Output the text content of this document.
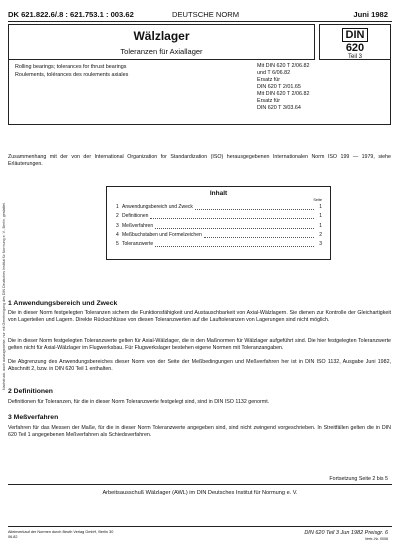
DK 621.822.6/.8 : 621.753.1 : 003.62	DEUTSCHE NORM	Juni 1982
Wälzlager
Toleranzen für Axiallager
DIN
620
Teil 3
Rolling bearings; tolerances for thrust bearings
Roulements, tolérances des roulements axiales
Mit DIN 620 T 2/06.82
und T 6/06.82
Ersatz für
DIN 620 T 2/01.65
Mit DIN 620 T 2/06.82
Ersatz für
DIN 620 T 3/03.64
Zusammenhang mit der von der International Organization for Standardization (ISO) herausgegebenen Internationalen Norm ISO 199 — 1979, siehe Erläuterungen.
Nachdruck, auch auszugsweise, nur mit Genehmigung des DIN Deutsches Institut für Normung e. V., Berlin, gestattet.
Inhalt
Seite
1 Anwendungsbereich und Zweck	1
2 Definitionen	1
3 Meßverfahren	1
4 Meßbuchstaben und Formelzeichen	2
5 Toleranzwerte	3
1 Anwendungsbereich und Zweck
Die in dieser Norm festgelegten Toleranzen sichern die Funktionsfähigkeit und Austauschbarkeit von Axial-Wälzlagern. Sie dienen zur Kontrolle der Gleichartigkeit von Lagerteilen und Lagern. Direkte Rückschlüsse von diesen Toleranzwerten auf die Lauftoleranzen von Lagerungen sind nicht möglich.
Die in dieser Norm festgelegten Toleranzwerte gelten für Axial-Wälzlager, die in den Maßnormen für Wälzlager aufgeführt sind. Die hier festgelegten Toleranzwerte gelten nicht für Axial-Wälzlager im Flugwerksbau. Für Flugwerkslager bestehen eigene Normen mit Toleranzangaben.
Die Abgrenzung des Anwendungsbereiches dieser Norm von der Seite der Meßbedingungen und Meßverfahren her ist in DIN ISO 1132, Ausgabe Juni 1982, Abschnitt 2, bzw. in DIN 620 Teil 1 enthalten.
2 Definitionen
Definitionen für Toleranzen, für die in dieser Norm Toleranzwerte festgelegt sind, sind in DIN ISO 1132 genormt.
3 Meßverfahren
Verfahren für das Messen der Maße, für die in dieser Norm Toleranzwerte angegeben sind, sind nicht zwingend vorgeschrieben. In Streitfällen gelten die in DIN 620 Teil 1 angegebenen Meßverfahren als Schiedsverfahren.
Fortsetzung Seite 2 bis 5
Arbeitsausschuß Wälzlager (AWL) im DIN Deutsches Institut für Normung e. V.
Alleinverkauf der Normen durch Beuth Verlag GmbH, Berlin 30
06.82
DIN 620 Teil 3 Jun 1982 Preisgr. 6
Vertr.-Nr. 0006
